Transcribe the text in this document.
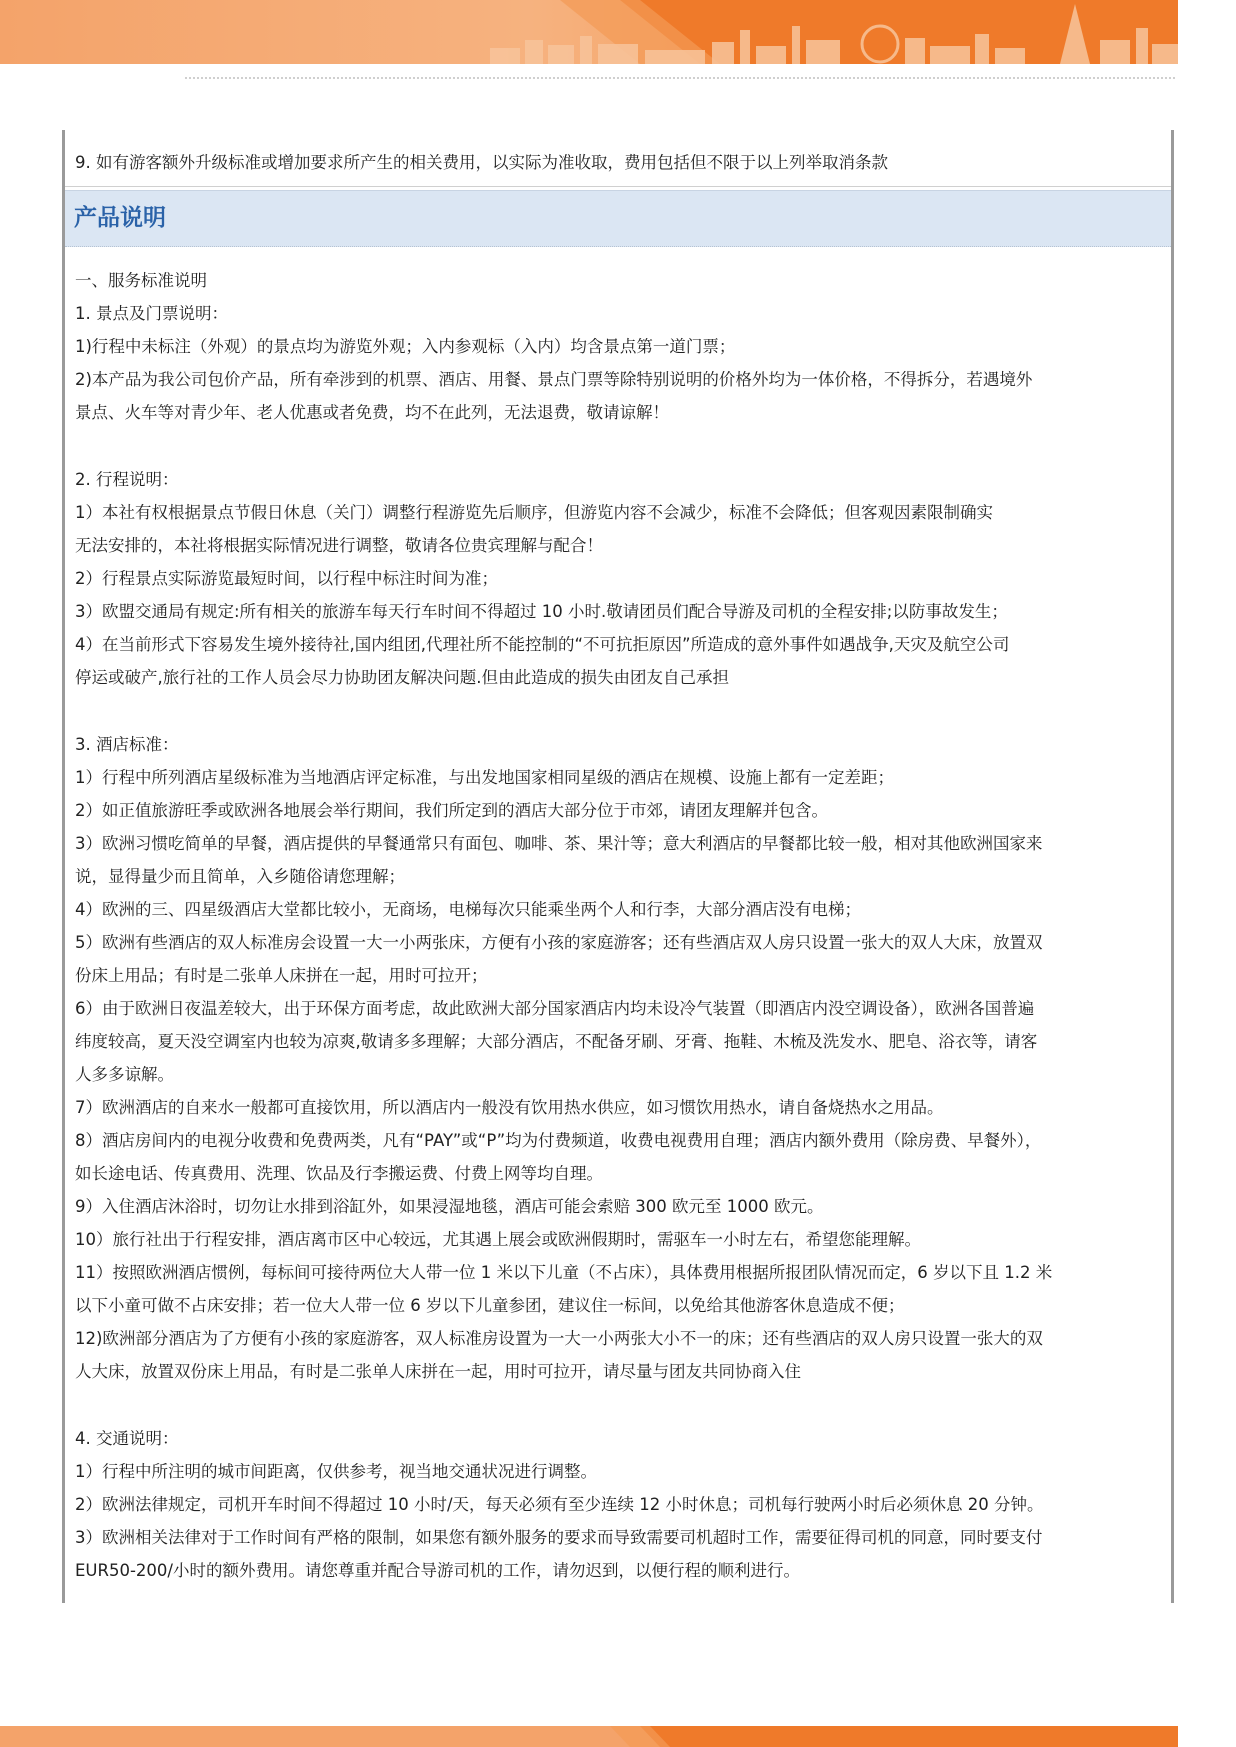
9. 如有游客额外升级标准或增加要求所产生的相关费用，以实际为准收取，费用包括但不限于以上列举取消条款
产品说明
一、服务标准说明
1. 景点及门票说明：
1)行程中未标注（外观）的景点均为游览外观；入内参观标（入内）均含景点第一道门票；
2)本产品为我公司包价产品，所有牵涉到的机票、酒店、用餐、景点门票等除特别说明的价格外均为一体价格，不得拆分，若遇境外
景点、火车等对青少年、老人优惠或者免费，均不在此列，无法退费，敬请谅解！
2. 行程说明：
1）本社有权根据景点节假日休息（关门）调整行程游览先后顺序，但游览内容不会减少，标准不会降低；但客观因素限制确实
无法安排的，本社将根据实际情况进行调整，敬请各位贵宾理解与配合！
2）行程景点实际游览最短时间，以行程中标注时间为准；
3）欧盟交通局有规定:所有相关的旅游车每天行车时间不得超过 10 小时.敬请团员们配合导游及司机的全程安排;以防事故发生；
4）在当前形式下容易发生境外接待社,国内组团,代理社所不能控制的“不可抗拒原因”所造成的意外事件如遇战争,天灾及航空公司
停运或破产,旅行社的工作人员会尽力协助团友解决问题.但由此造成的损失由团友自己承担
3. 酒店标准：
1）行程中所列酒店星级标准为当地酒店评定标准，与出发地国家相同星级的酒店在规模、设施上都有一定差距；
2）如正值旅游旺季或欧洲各地展会举行期间，我们所定到的酒店大部分位于市郊，请团友理解并包含。
3）欧洲习惯吃简单的早餐，酒店提供的早餐通常只有面包、咖啡、茶、果汁等；意大利酒店的早餐都比较一般，相对其他欧洲国家来
说，显得量少而且简单，入乡随俗请您理解；
4）欧洲的三、四星级酒店大堂都比较小，无商场，电梯每次只能乘坐两个人和行李，大部分酒店没有电梯；
5）欧洲有些酒店的双人标准房会设置一大一小两张床，方便有小孩的家庭游客；还有些酒店双人房只设置一张大的双人大床，放置双
份床上用品；有时是二张单人床拼在一起，用时可拉开；
6）由于欧洲日夜温差较大，出于环保方面考虑，故此欧洲大部分国家酒店内均未设冷气装置（即酒店内没空调设备），欧洲各国普遍
纬度较高，夏天没空调室内也较为凉爽,敬请多多理解；大部分酒店，不配备牙刷、牙膏、拖鞋、木梳及洗发水、肥皂、浴衣等，请客
人多多谅解。
7）欧洲酒店的自来水一般都可直接饮用，所以酒店内一般没有饮用热水供应，如习惯饮用热水，请自备烧热水之用品。
8）酒店房间内的电视分收费和免费两类，凡有“PAY”或“P”均为付费频道，收费电视费用自理；酒店内额外费用（除房费、早餐外），
如长途电话、传真费用、洗理、饮品及行李搬运费、付费上网等均自理。
9）入住酒店沐浴时，切勿让水排到浴缸外，如果浸湿地毯，酒店可能会索赔 300 欧元至 1000 欧元。
10）旅行社出于行程安排，酒店离市区中心较远，尤其遇上展会或欧洲假期时，需驱车一小时左右，希望您能理解。
11）按照欧洲酒店惯例，每标间可接待两位大人带一位 1 米以下儿童（不占床），具体费用根据所报团队情况而定，6 岁以下且 1.2 米
以下小童可做不占床安排；若一位大人带一位 6 岁以下儿童参团，建议住一标间，以免给其他游客休息造成不便；
12)欧洲部分酒店为了方便有小孩的家庭游客，双人标准房设置为一大一小两张大小不一的床；还有些酒店的双人房只设置一张大的双
人大床，放置双份床上用品，有时是二张单人床拼在一起，用时可拉开，请尽量与团友共同协商入住
4. 交通说明：
1）行程中所注明的城市间距离，仅供参考，视当地交通状况进行调整。
2）欧洲法律规定，司机开车时间不得超过 10 小时/天，每天必须有至少连续 12 小时休息；司机每行驶两小时后必须休息 20 分钟。
3）欧洲相关法律对于工作时间有严格的限制，如果您有额外服务的要求而导致需要司机超时工作，需要征得司机的同意，同时要支付
EUR50-200/小时的额外费用。请您尊重并配合导游司机的工作，请勿迟到，以便行程的顺利进行。
